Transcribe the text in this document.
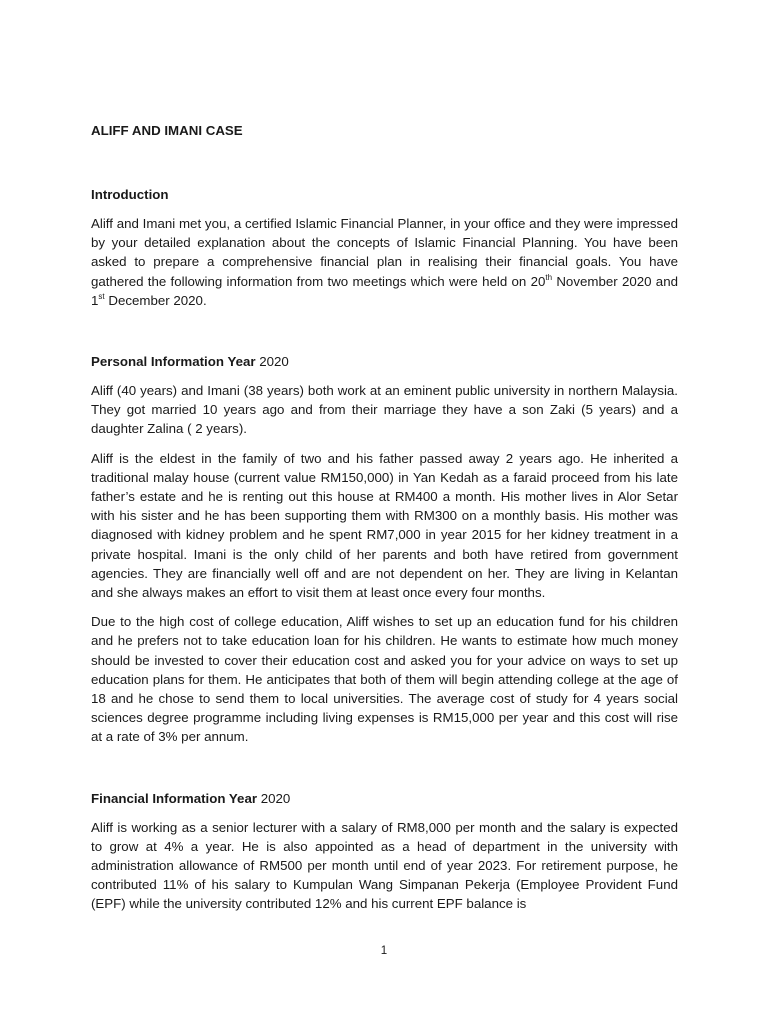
ALIFF AND IMANI CASE
Introduction

Aliff and Imani met you, a certified Islamic Financial Planner, in your office and they were impressed by your detailed explanation about the concepts of Islamic Financial Planning. You have been asked to prepare a comprehensive financial plan in realising their financial goals. You have gathered the following information from two meetings which were held on 20th November 2020 and 1st December 2020.

Personal Information Year 2020

Aliff (40 years) and Imani (38 years) both work at an eminent public university in northern Malaysia. They got married 10 years ago and from their marriage they have a son Zaki (5 years) and a daughter Zalina ( 2 years).

Aliff is the eldest in the family of two and his father passed away 2 years ago. He inherited a traditional malay house (current value RM150,000) in Yan Kedah as a faraid proceed from his late father’s estate and he is renting out this house at RM400 a month. His mother lives in Alor Setar with his sister and he has been supporting them with RM300 on a monthly basis. His mother was diagnosed with kidney problem and he spent RM7,000 in year 2015 for her kidney treatment in a private hospital. Imani is the only child of her parents and both have retired from government agencies. They are financially well off and are not dependent on her. They are living in Kelantan and she always makes an effort to visit them at least once every four months.

Due to the high cost of college education, Aliff wishes to set up an education fund for his children and he prefers not to take education loan for his children. He wants to estimate how much money should be invested to cover their education cost and asked you for your advice on ways to set up education plans for them. He anticipates that both of them will begin attending college at the age of 18 and he chose to send them to local universities. The average cost of study for 4 years social sciences degree programme including living expenses is RM15,000 per year and this cost will rise at a rate of 3% per annum.

Financial Information Year 2020

Aliff is working as a senior lecturer with a salary of RM8,000 per month and the salary is expected to grow at 4% a year. He is also appointed as a head of department in the university with administration allowance of RM500 per month until end of year 2023. For retirement purpose, he contributed 11% of his salary to Kumpulan Wang Simpanan Pekerja (Employee Provident Fund (EPF) while the university contributed 12% and his current EPF balance is

1
